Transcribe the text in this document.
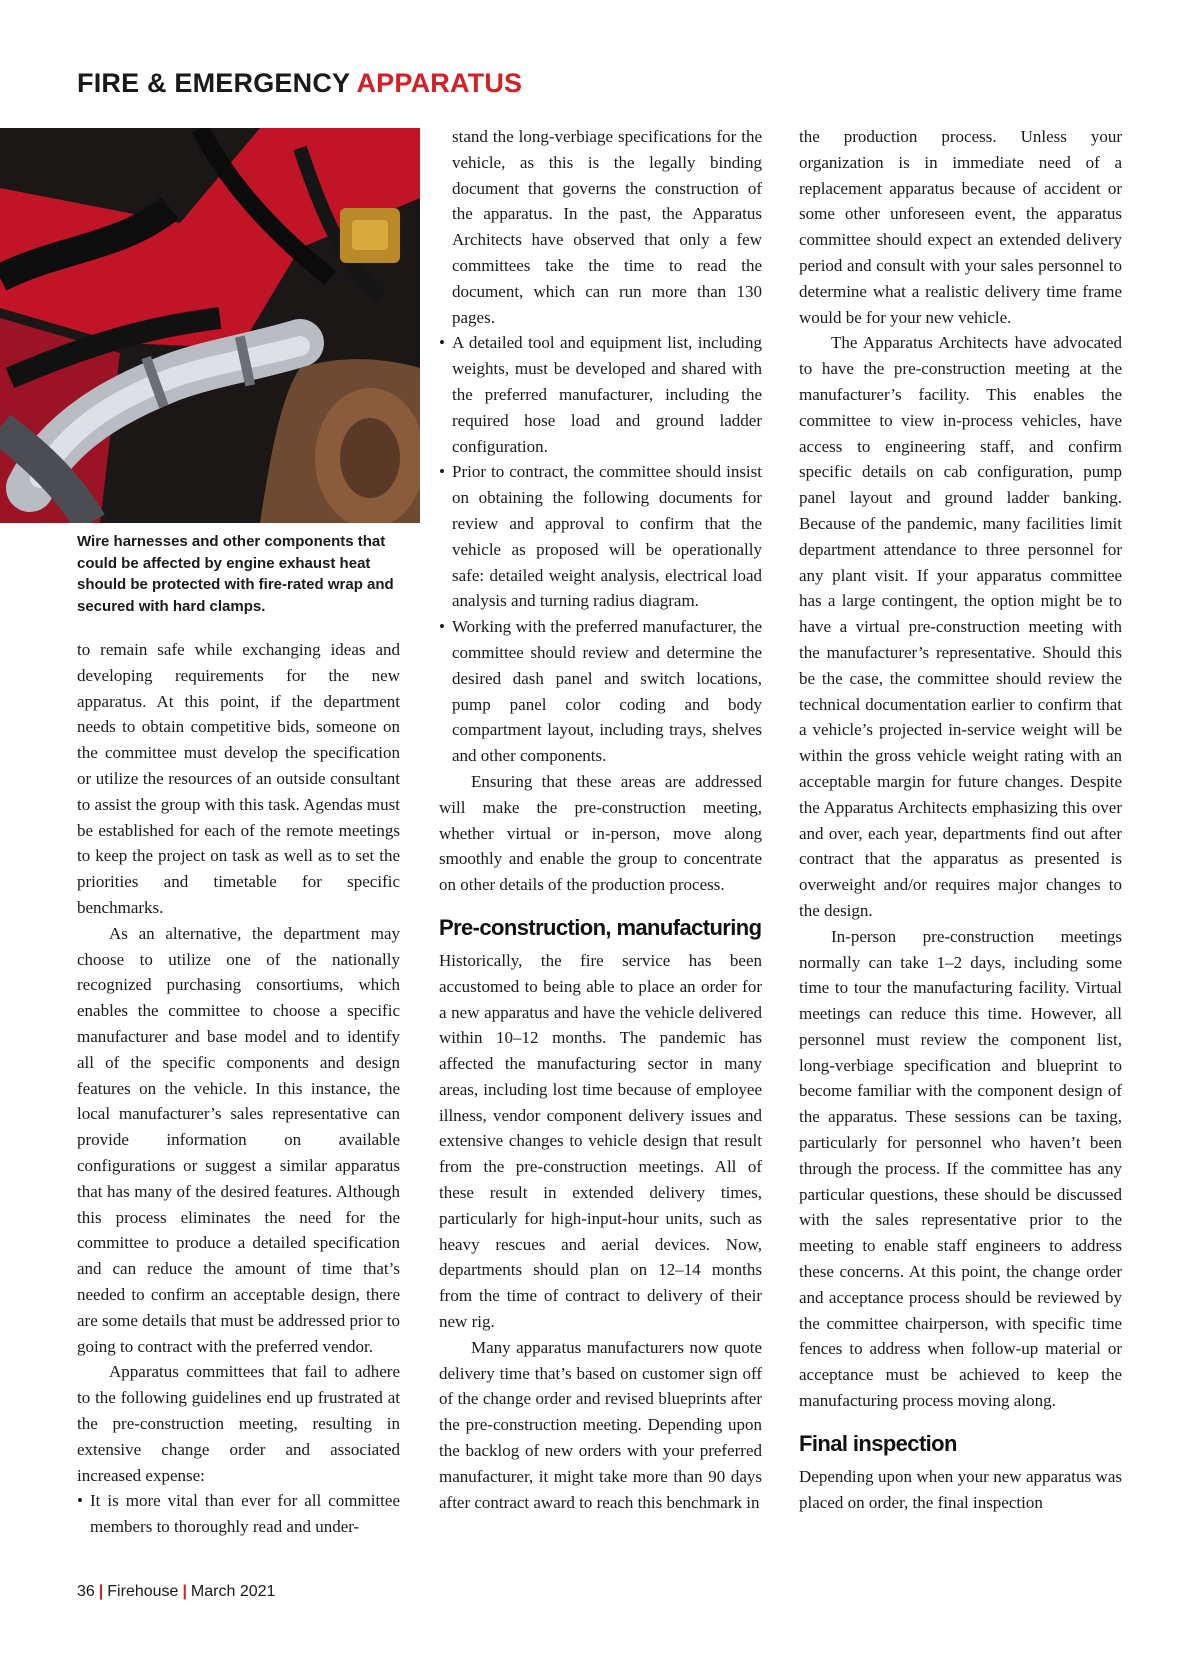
FIRE & EMERGENCY APPARATUS
Wire harnesses and other components that could be affected by engine exhaust heat should be protected with fire-rated wrap and secured with hard clamps.

to remain safe while exchanging ideas and developing requirements for the new apparatus. At this point, if the department needs to obtain competitive bids, someone on the committee must develop the specification or utilize the resources of an outside consultant to assist the group with this task. Agendas must be established for each of the remote meetings to keep the project on task as well as to set the priorities and timetable for specific benchmarks.

As an alternative, the department may choose to utilize one of the nationally recognized purchasing consortiums, which enables the committee to choose a specific manufacturer and base model and to identify all of the specific components and design features on the vehicle. In this instance, the local manufacturer’s sales representative can provide information on available configurations or suggest a similar apparatus that has many of the desired features. Although this process eliminates the need for the committee to produce a detailed specification and can reduce the amount of time that’s needed to confirm an acceptable design, there are some details that must be addressed prior to going to contract with the preferred vendor.

Apparatus committees that fail to adhere to the following guidelines end up frustrated at the pre-construction meeting, resulting in extensive change order and associated increased expense:

• It is more vital than ever for all committee members to thoroughly read and under-
stand the long-verbiage specifications for the vehicle, as this is the legally binding document that governs the construction of the apparatus. In the past, the Apparatus Architects have observed that only a few committees take the time to read the document, which can run more than 130 pages.
• A detailed tool and equipment list, including weights, must be developed and shared with the preferred manufacturer, including the required hose load and ground ladder configuration.
• Prior to contract, the committee should insist on obtaining the following documents for review and approval to confirm that the vehicle as proposed will be operationally safe: detailed weight analysis, electrical load analysis and turning radius diagram.
• Working with the preferred manufacturer, the committee should review and determine the desired dash panel and switch locations, pump panel color coding and body compartment layout, including trays, shelves and other components.

Ensuring that these areas are addressed will make the pre-construction meeting, whether virtual or in-person, move along smoothly and enable the group to concentrate on other details of the production process.

Pre-construction, manufacturing

Historically, the fire service has been accustomed to being able to place an order for a new apparatus and have the vehicle delivered within 10–12 months. The pandemic has affected the manufacturing sector in many areas, including lost time because of employee illness, vendor component delivery issues and extensive changes to vehicle design that result from the pre-construction meetings. All of these result in extended delivery times, particularly for high-input-hour units, such as heavy rescues and aerial devices. Now, departments should plan on 12–14 months from the time of contract to delivery of their new rig.

Many apparatus manufacturers now quote delivery time that’s based on customer sign off of the change order and revised blueprints after the pre-construction meeting. Depending upon the backlog of new orders with your preferred manufacturer, it might take more than 90 days after contract award to reach this benchmark in

the production process. Unless your organization is in immediate need of a replacement apparatus because of accident or some other unforeseen event, the apparatus committee should expect an extended delivery period and consult with your sales personnel to determine what a realistic delivery time frame would be for your new vehicle.

The Apparatus Architects have advocated to have the pre-construction meeting at the manufacturer’s facility. This enables the committee to view in-process vehicles, have access to engineering staff, and confirm specific details on cab configuration, pump panel layout and ground ladder banking. Because of the pandemic, many facilities limit department attendance to three personnel for any plant visit. If your apparatus committee has a large contingent, the option might be to have a virtual pre-construction meeting with the manufacturer’s representative. Should this be the case, the committee should review the technical documentation earlier to confirm that a vehicle’s projected in-service weight will be within the gross vehicle weight rating with an acceptable margin for future changes. Despite the Apparatus Architects emphasizing this over and over, each year, departments find out after contract that the apparatus as presented is overweight and/or requires major changes to the design.

In-person pre-construction meetings normally can take 1–2 days, including some time to tour the manufacturing facility. Virtual meetings can reduce this time. However, all personnel must review the component list, long-verbiage specification and blueprint to become familiar with the component design of the apparatus. These sessions can be taxing, particularly for personnel who haven’t been through the process. If the committee has any particular questions, these should be discussed with the sales representative prior to the meeting to enable staff engineers to address these concerns. At this point, the change order and acceptance process should be reviewed by the committee chairperson, with specific time fences to address when follow-up material or acceptance must be achieved to keep the manufacturing process moving along.

Final inspection

Depending upon when your new apparatus was placed on order, the final inspection

36 | Firehouse | March 2021
